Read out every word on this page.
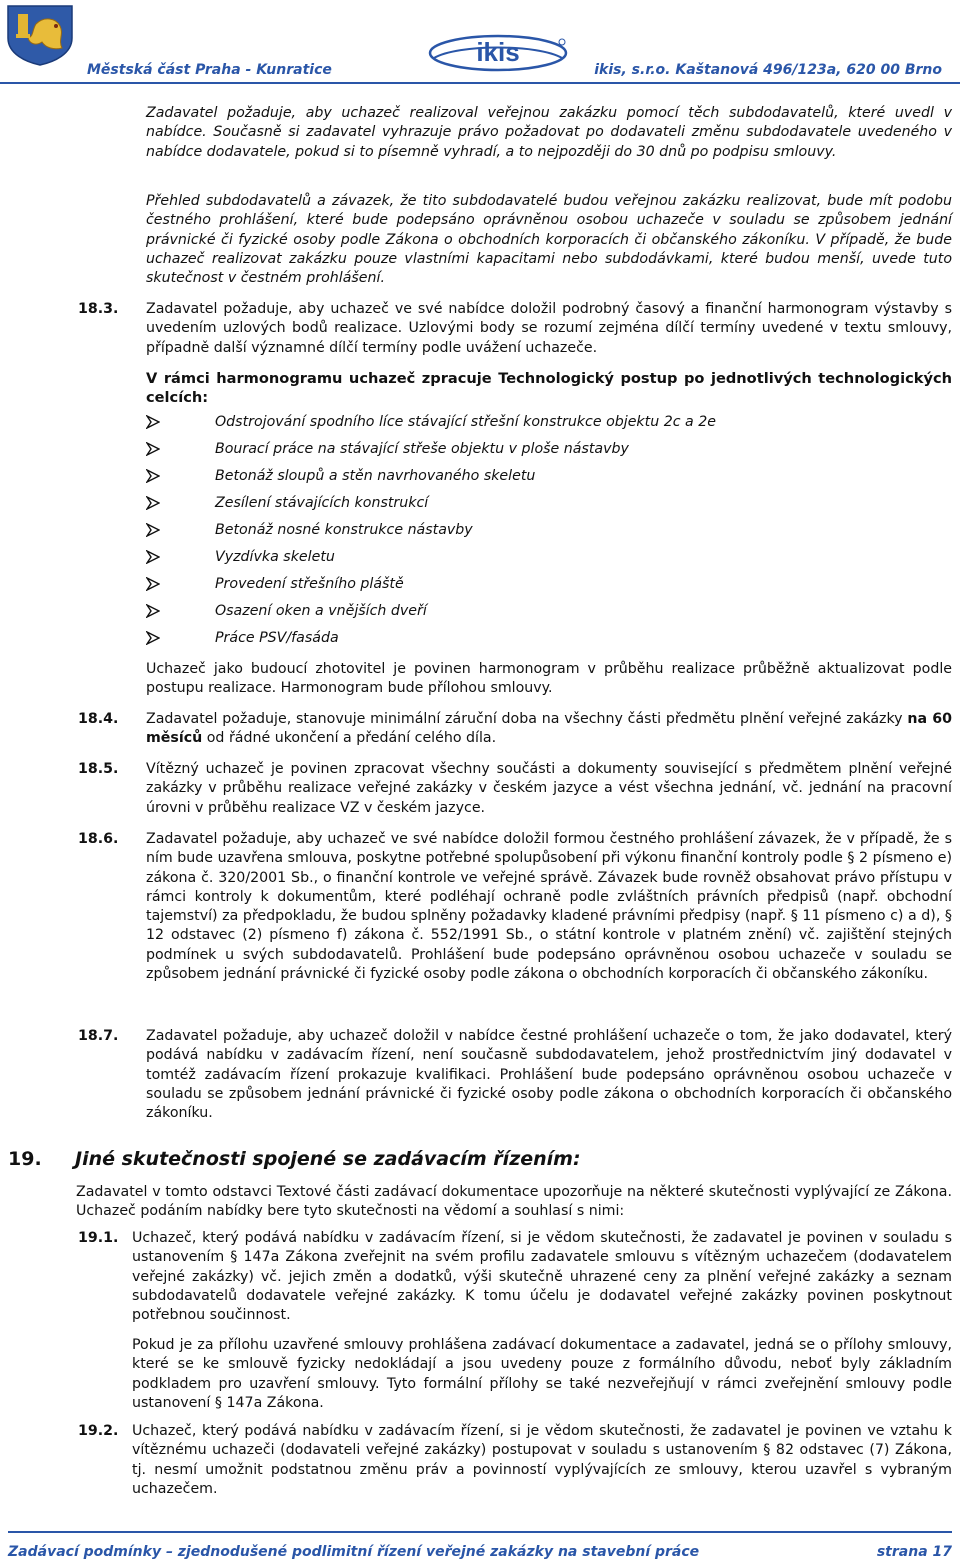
Městská část Praha - Kunratice
ikis
ikis, s.r.o. Kaštanová 496/123a, 620 00 Brno

Zadavatel požaduje, aby uchazeč realizoval veřejnou zakázku pomocí těch subdodavatelů, které uvedl v nabídce. Současně si zadavatel vyhrazuje právo požadovat po dodavateli změnu subdodavatele uvedeného v nabídce dodavatele, pokud si to písemně vyhradí, a to nejpozději do 30 dnů po podpisu smlouvy.

Přehled subdodavatelů a závazek, že tito subdodavatelé budou veřejnou zakázku realizovat, bude mít podobu čestného prohlášení, které bude podepsáno oprávněnou osobou uchazeče v souladu se způsobem jednání právnické či fyzické osoby podle Zákona o obchodních korporacích či občanského zákoníku. V případě, že bude uchazeč realizovat zakázku pouze vlastními kapacitami nebo subdodávkami, které budou menší, uvede tuto skutečnost v čestném prohlášení.

18.3. Zadavatel požaduje, aby uchazeč ve své nabídce doložil podrobný časový a finanční harmonogram výstavby s uvedením uzlových bodů realizace. Uzlovými body se rozumí zejména dílčí termíny uvedené v textu smlouvy, případně další významné dílčí termíny podle uvážení uchazeče.

V rámci harmonogramu uchazeč zpracuje Technologický postup po jednotlivých technologických celcích:

Odstrojování spodního líce stávající střešní konstrukce objektu 2c a 2e
Bourací práce na stávající střeše objektu v ploše nástavby
Betonáž sloupů a stěn navrhovaného skeletu
Zesílení stávajících konstrukcí
Betonáž nosné konstrukce nástavby
Vyzdívka skeletu
Provedení střešního pláště
Osazení oken a vnějších dveří
Práce PSV/fasáda

Uchazeč jako budoucí zhotovitel je povinen harmonogram v průběhu realizace průběžně aktualizovat podle postupu realizace. Harmonogram bude přílohou smlouvy.

18.4. Zadavatel požaduje, stanovuje minimální záruční doba na všechny části předmětu plnění veřejné zakázky na 60 měsíců od řádné ukončení a předání celého díla.

18.5. Vítězný uchazeč je povinen zpracovat všechny součásti a dokumenty související s předmětem plnění veřejné zakázky v průběhu realizace veřejné zakázky v českém jazyce a vést všechna jednání, vč. jednání na pracovní úrovni v průběhu realizace VZ v českém jazyce.

18.6. Zadavatel požaduje, aby uchazeč ve své nabídce doložil formou čestného prohlášení závazek, že v případě, že s ním bude uzavřena smlouva, poskytne potřebné spolupůsobení při výkonu finanční kontroly podle § 2 písmeno e) zákona č. 320/2001 Sb., o finanční kontrole ve veřejné správě. Závazek bude rovněž obsahovat právo přístupu v rámci kontroly k dokumentům, které podléhají ochraně podle zvláštních právních předpisů (např. obchodní tajemství) za předpokladu, že budou splněny požadavky kladené právními předpisy (např. § 11 písmeno c) a d), § 12 odstavec (2) písmeno f) zákona č. 552/1991 Sb., o státní kontrole v platném znění) vč. zajištění stejných podmínek u svých subdodavatelů. Prohlášení bude podepsáno oprávněnou osobou uchazeče v souladu se způsobem jednání právnické či fyzické osoby podle zákona o obchodních korporacích či občanského zákoníku.

18.7. Zadavatel požaduje, aby uchazeč doložil v nabídce čestné prohlášení uchazeče o tom, že jako dodavatel, který podává nabídku v zadávacím řízení, není současně subdodavatelem, jehož prostřednictvím jiný dodavatel v tomtéž zadávacím řízení prokazuje kvalifikaci. Prohlášení bude podepsáno oprávněnou osobou uchazeče v souladu se způsobem jednání právnické či fyzické osoby podle zákona o obchodních korporacích či občanského zákoníku.

19. Jiné skutečnosti spojené se zadávacím řízením:

Zadavatel v tomto odstavci Textové části zadávací dokumentace upozorňuje na některé skutečnosti vyplývající ze Zákona. Uchazeč podáním nabídky bere tyto skutečnosti na vědomí a souhlasí s nimi:

19.1. Uchazeč, který podává nabídku v zadávacím řízení, si je vědom skutečnosti, že zadavatel je povinen v souladu s ustanovením § 147a Zákona zveřejnit na svém profilu zadavatele smlouvu s vítězným uchazečem (dodavatelem veřejné zakázky) vč. jejich změn a dodatků, výši skutečně uhrazené ceny za plnění veřejné zakázky a seznam subdodavatelů dodavatele veřejné zakázky. K tomu účelu je dodavatel veřejné zakázky povinen poskytnout potřebnou součinnost.

Pokud je za přílohu uzavřené smlouvy prohlášena zadávací dokumentace a zadavatel, jedná se o přílohy smlouvy, které se ke smlouvě fyzicky nedokládají a jsou uvedeny pouze z formálního důvodu, neboť byly základním podkladem pro uzavření smlouvy. Tyto formální přílohy se také nezveřejňují v rámci zveřejnění smlouvy podle ustanovení § 147a Zákona.

19.2. Uchazeč, který podává nabídku v zadávacím řízení, si je vědom skutečnosti, že zadavatel je povinen ve vztahu k vítěznému uchazeči (dodavateli veřejné zakázky) postupovat v souladu s ustanovením § 82 odstavec (7) Zákona, tj. nesmí umožnit podstatnou změnu práv a povinností vyplývajících ze smlouvy, kterou uzavřel s vybraným uchazečem.

Zadávací podmínky – zjednodušené podlimitní řízení veřejné zakázky na stavební práce	strana 17
